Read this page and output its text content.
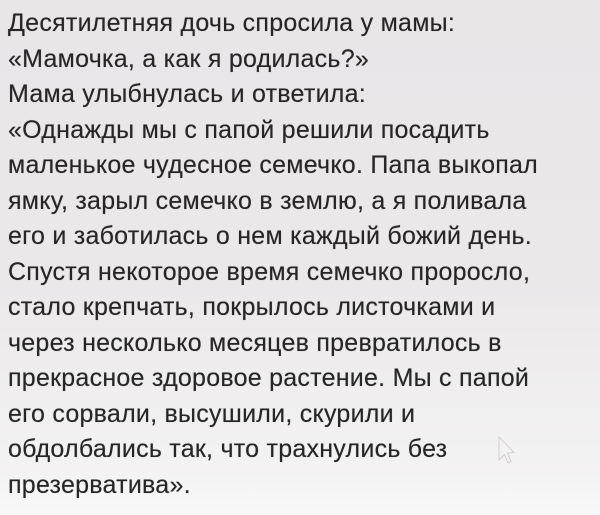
Десятилетняя дочь спросила у мамы:
«Мамочка, а как я родилась?»
Мама улыбнулась и ответила:
«Однажды мы с папой решили посадить
маленькое чудесное семечко. Папа выкопал
ямку, зарыл семечко в землю, а я поливала
его и заботилась о нем каждый божий день.
Спустя некоторое время семечко проросло,
стало крепчать, покрылось листочками и
через несколько месяцев превратилось в
прекрасное здоровое растение. Мы с папой
его сорвали, высушили, скурили и
обдолбались так, что трахнулись без
презерватива».
